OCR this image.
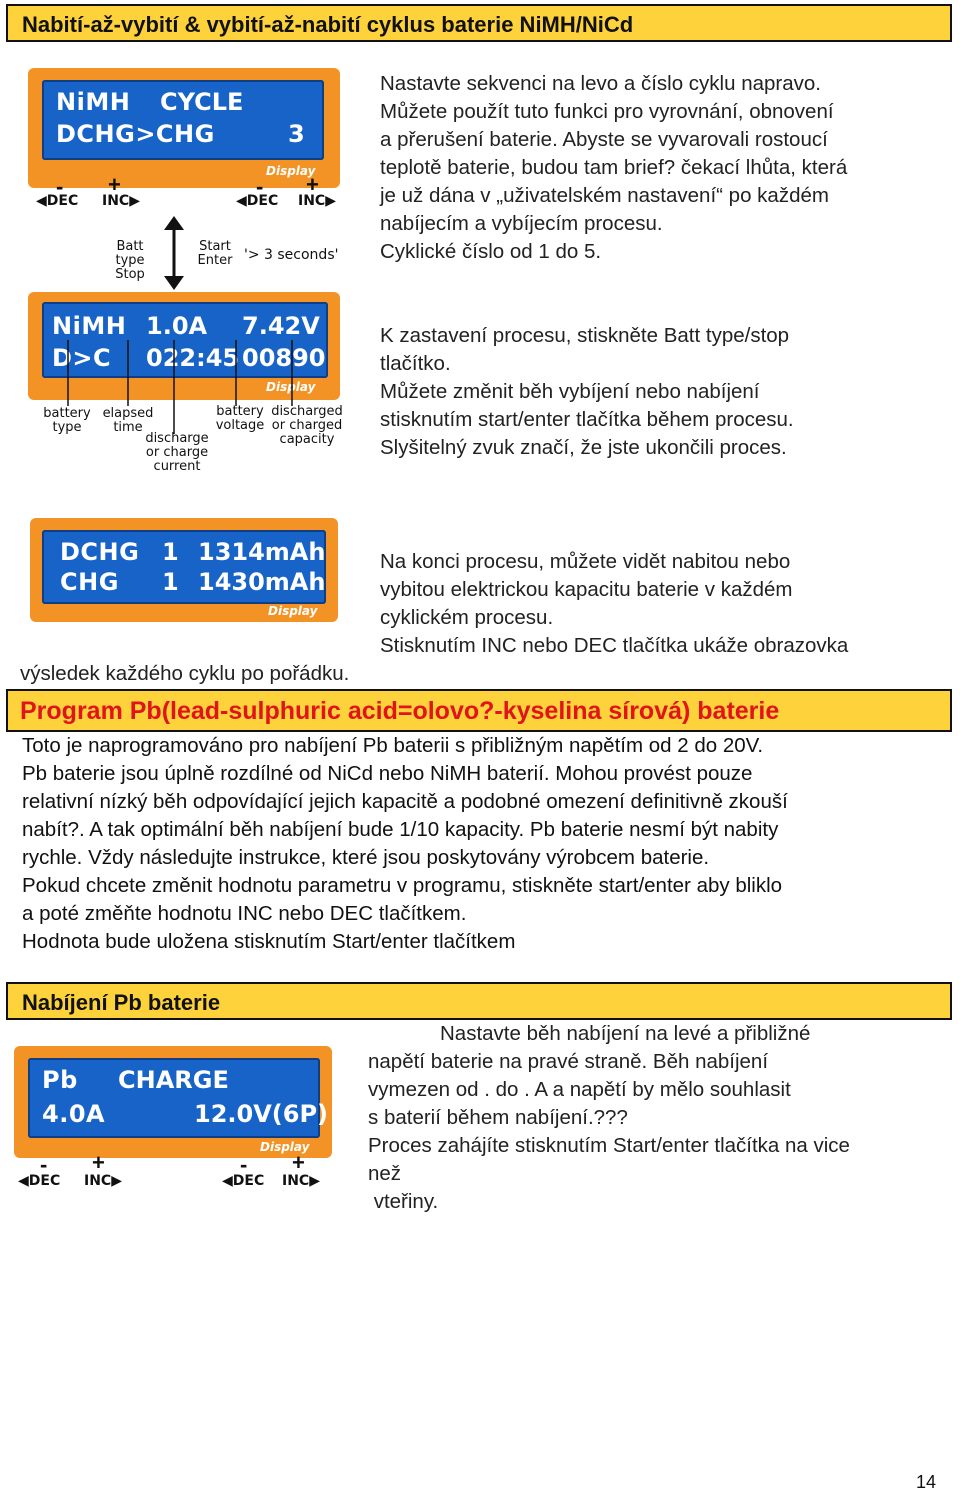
Nabití-až-vybití & vybití-až-nabití cyklus baterie NiMH/NiCd
NiMH CYCLE
DCHG>CHG	3
Display
- +	- +
◀DEC INC▶	◀DEC INC▶
Batt type
Stop
Start
Enter '> 3 seconds'

Nastavte sekvenci na levo a číslo cyklu napravo.

Můžete použít tuto funkci pro vyrovnání, obnovení

a přerušení baterie. Abyste se vyvarovali rostoucí

teplotě baterie, budou tam brief? čekací lhůta, která

je už dána v „uživatelském nastavení“ po každém

nabíjecím a vybíjecím procesu.

Cyklické číslo od 1 do 5.

NiMH 1.0A 7.42V
D>C 022:45 00890
Display
battery type
elapsed time
discharge or charge current
battery voltage
discharged or charged capacity

K zastavení procesu, stiskněte Batt type/stop

tlačítko.

Můžete změnit běh vybíjení nebo nabíjení

stisknutím start/enter tlačítka během procesu.

Slyšitelný zvuk značí, že jste ukončili proces.

DCHG 1 1314mAh
CHG 1 1430mAh
Display

Na konci procesu, můžete vidět nabitou nebo

vybitou elektrickou kapacitu baterie v každém

cyklickém procesu.

Stisknutím INC nebo DEC tlačítka ukáže obrazovka

výsledek každého cyklu po pořádku.

Program Pb(lead-sulphuric acid=olovo?-kyselina sírová) baterie

Toto je naprogramováno pro nabíjení Pb baterii s přibližným napětím od 2 do 20V.

Pb baterie jsou úplně rozdílné od NiCd nebo NiMH baterií. Mohou provést pouze

relativní nízký běh odpovídající jejich kapacitě a podobné omezení definitivně zkouší

nabít?. A tak optimální běh nabíjení bude 1/10 kapacity. Pb baterie nesmí být nabity

rychle. Vždy následujte instrukce, které jsou poskytovány výrobcem baterie.

Pokud chcete změnit hodnotu parametru v programu, stiskněte start/enter aby bliklo

a poté změňte hodnotu INC nebo DEC tlačítkem.

Hodnota bude uložena stisknutím Start/enter tlačítkem

Nabíjení Pb baterie
Pb CHARGE
4.0A	12.0V(6P)
Display
- +	- +
◀DEC INC▶	◀DEC INC▶

Nastavte běh nabíjení na levé a přibližné

napětí baterie na pravé straně. Běh nabíjení

vymezen od . do . A a napětí by mělo souhlasit

s baterií během nabíjení.???

Proces zahájíte stisknutím Start/enter tlačítka na vice

než

vteřiny.

14
